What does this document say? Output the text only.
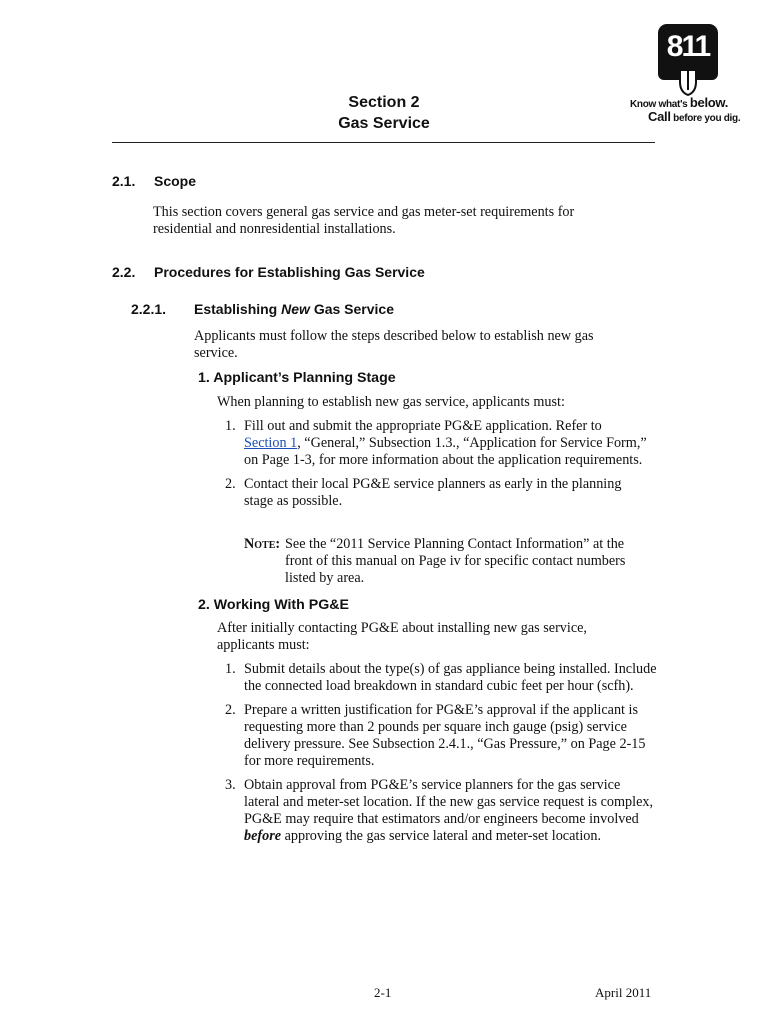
Section 2
Gas Service
811
Know what's below.
Call before you dig.
2.1. Scope
This section covers general gas service and gas meter-set requirements for residential and nonresidential installations.
2.2. Procedures for Establishing Gas Service
2.2.1. Establishing New Gas Service
Applicants must follow the steps described below to establish new gas service.
1. Applicant’s Planning Stage
When planning to establish new gas service, applicants must:
1. Fill out and submit the appropriate PG&E application. Refer to
Section 1, “General,” Subsection 1.3., “Application for Service Form,” on Page 1-3, for more information about the application requirements.
2. Contact their local PG&E service planners as early in the planning stage as possible.
Note: See the “2011 Service Planning Contact Information” at the front of this manual on Page iv for specific contact numbers listed by area.
2. Working With PG&E
After initially contacting PG&E about installing new gas service, applicants must:
1. Submit details about the type(s) of gas appliance being installed. Include the connected load breakdown in standard cubic feet per hour (scfh).
2. Prepare a written justification for PG&E’s approval if the applicant is requesting more than 2 pounds per square inch gauge (psig) service delivery pressure. See Subsection 2.4.1., “Gas Pressure,” on Page 2-15 for more requirements.
3. Obtain approval from PG&E’s service planners for the gas service lateral and meter-set location. If the new gas service request is complex, PG&E may require that estimators and/or engineers become involved before approving the gas service lateral and meter-set location.
2-1	April 2011
